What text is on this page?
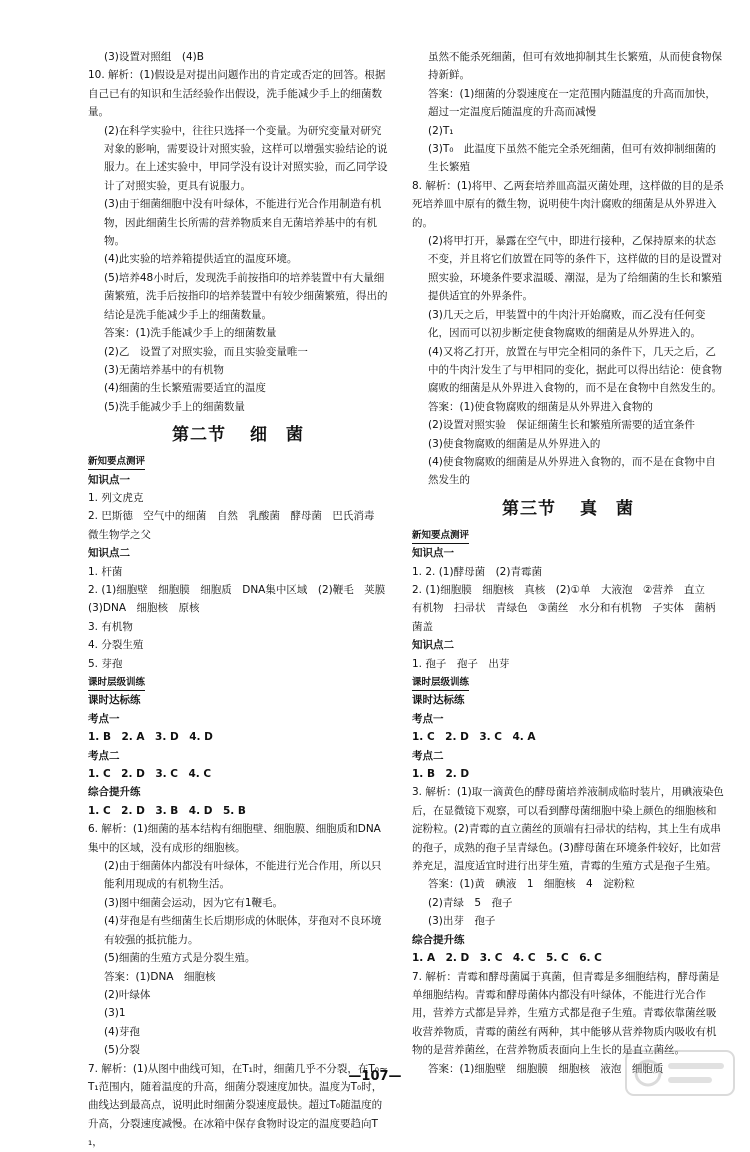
(3)设置对照组　(4)B

10. 解析：(1)假设是对提出问题作出的肯定或否定的回答。根据自己已有的知识和生活经验作出假设，洗手能减少手上的细菌数量。

(2)在科学实验中，往往只选择一个变量。为研究变量对研究对象的影响，需要设计对照实验，这样可以增强实验结论的说服力。在上述实验中，甲同学没有设计对照实验，而乙同学设计了对照实验，更具有说服力。

(3)由于细菌细胞中没有叶绿体，不能进行光合作用制造有机物，因此细菌生长所需的营养物质来自无菌培养基中的有机物。

(4)此实验的培养箱提供适宜的温度环境。

(5)培养48小时后，发现洗手前按指印的培养装置中有大量细菌繁殖，洗手后按指印的培养装置中有较少细菌繁殖，得出的结论是洗手能减少手上的细菌数量。

答案：(1)洗手能减少手上的细菌数量

(2)乙　设置了对照实验，而且实验变量唯一

(3)无菌培养基中的有机物

(4)细菌的生长繁殖需要适宜的温度

(5)洗手能减少手上的细菌数量

第二节 细　菌
新知要点测评

知识点一

1. 列文虎克

2. 巴斯德　空气中的细菌　自然　乳酸菌　酵母菌　巴氏消毒　微生物学之父

知识点二

1. 杆菌

2. (1)细胞壁　细胞膜　细胞质　DNA集中区域　(2)鞭毛　荚膜　(3)DNA　细胞核　原核

3. 有机物

4. 分裂生殖

5. 芽孢

课时层级训练

课时达标练

考点一

1. B　2. A　3. D　4. D

考点二

1. C　2. D　3. C　4. C

综合提升练

1. C　2. D　3. B　4. D　5. B

6. 解析：(1)细菌的基本结构有细胞壁、细胞膜、细胞质和DNA集中的区域，没有成形的细胞核。

(2)由于细菌体内都没有叶绿体，不能进行光合作用，所以只能利用现成的有机物生活。

(3)图中细菌会运动，因为它有1鞭毛。

(4)芽孢是有些细菌生长后期形成的休眠体，芽孢对不良环境有较强的抵抗能力。

(5)细菌的生殖方式是分裂生殖。

答案：(1)DNA　细胞核

(2)叶绿体

(3)1

(4)芽孢

(5)分裂

7. 解析：(1)从图中曲线可知，在T₁时，细菌几乎不分裂，在T₀~T₁范围内，随着温度的升高，细菌分裂速度加快。温度为T₀时，曲线达到最高点，说明此时细菌分裂速度最快。超过T₀随温度的升高，分裂速度减慢。在冰箱中保存食物时设定的温度要趋向T₁，

虽然不能杀死细菌，但可有效地抑制其生长繁殖，从而使食物保持新鲜。

答案：(1)细菌的分裂速度在一定范围内随温度的升高而加快，超过一定温度后随温度的升高而减慢

(2)T₁

(3)T₀　此温度下虽然不能完全杀死细菌，但可有效抑制细菌的生长繁殖

8. 解析：(1)将甲、乙两套培养皿高温灭菌处理，这样做的目的是杀死培养皿中原有的微生物，说明使牛肉汁腐败的细菌是从外界进入的。

(2)将甲打开，暴露在空气中，即进行接种，乙保持原来的状态不变，并且将它们放置在同等的条件下，这样做的目的是设置对照实验，环境条件要求温暖、潮湿，是为了给细菌的生长和繁殖提供适宜的外界条件。

(3)几天之后，甲装置中的牛肉汁开始腐败，而乙没有任何变化，因而可以初步断定使食物腐败的细菌是从外界进入的。

(4)又将乙打开，放置在与甲完全相同的条件下，几天之后，乙中的牛肉汁发生了与甲相同的变化，据此可以得出结论：使食物腐败的细菌是从外界进入食物的，而不是在食物中自然发生的。

答案：(1)使食物腐败的细菌是从外界进入食物的

(2)设置对照实验　保证细菌生长和繁殖所需要的适宜条件

(3)使食物腐败的细菌是从外界进入的

(4)使食物腐败的细菌是从外界进入食物的，而不是在食物中自然发生的

第三节 真　菌
新知要点测评

知识点一

1. 2. (1)酵母菌　(2)青霉菌

2. (1)细胞膜　细胞核　真核　(2)①单　大液泡　②营养　直立　有机物　扫帚状　青绿色　③菌丝　水分和有机物　子实体　菌柄　菌盖

知识点二

1. 孢子　孢子　出芽

课时层级训练

课时达标练

考点一

1. C　2. D　3. C　4. A

考点二

1. B　2. D

3. 解析：(1)取一滴黄色的酵母菌培养液制成临时装片，用碘液染色后，在显微镜下观察，可以看到酵母菌细胞中染上颜色的细胞核和淀粉粒。(2)青霉的直立菌丝的顶端有扫帚状的结构，其上生有成串的孢子，成熟的孢子呈青绿色。(3)酵母菌在环境条件较好，比如营养充足，温度适宜时进行出芽生殖，青霉的生殖方式是孢子生殖。

答案：(1)黄　碘液　1　细胞核　4　淀粉粒

(2)青绿　5　孢子

(3)出芽　孢子

综合提升练

1. A　2. D　3. C　4. C　5. C　6. C

7. 解析：青霉和酵母菌属于真菌，但青霉是多细胞结构，酵母菌是单细胞结构。青霉和酵母菌体内都没有叶绿体，不能进行光合作用，营养方式都是异养，生殖方式都是孢子生殖。青霉依靠菌丝吸收营养物质，青霉的菌丝有两种，其中能够从营养物质内吸收有机物的是营养菌丝，在营养物质表面向上生长的是直立菌丝。

答案：(1)细胞壁　细胞膜　细胞核　液泡　细胞质

—107—
